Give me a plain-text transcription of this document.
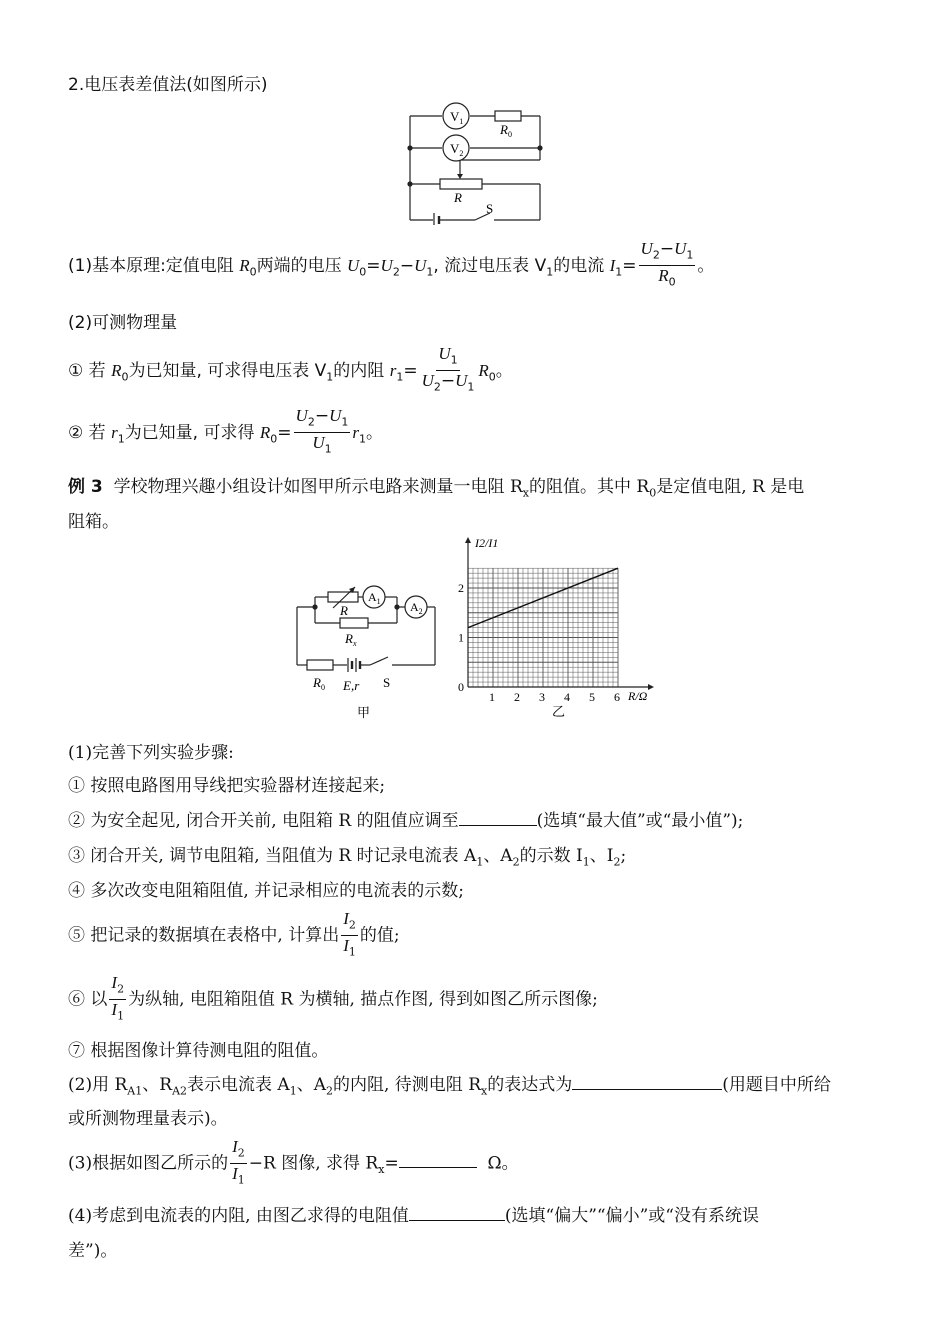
2.电压表差值法(如图所示)
$V_1$
$V_2$
$R_0$
R
S
(1)基本原理:定值电阻 $R_0$两端的电压 $U_0=U_2-U_1$, 流过电压表 $V_1$的电流 $I_1= \frac{U_2-U_1}{R_0}$ 。
(2)可测物理量
① 若 $R_0$为已知量, 可求得电压表 $V_1$的内阻 $r_1= \frac{U_1}{U_2-U_1} R_0$。
② 若 $r_1$为已知量, 可求得 $R_0= \frac{U_2-U_1}{U_1} r_1$。
例 3 学校物理兴趣小组设计如图甲所示电路来测量一电阻 $R_x$的阻值。其中 $R_0$是定值电阻, R 是电
阻箱。
$A_1$ $A_2$
R
$R_x$
$R_0$ E,r S
甲
1 2 3 4 5 6
0
1
2
I2/I1
R/Ω
乙
(1)完善下列实验步骤:
① 按照电路图用导线把实验器材连接起来;
② 为安全起见, 闭合开关前, 电阻箱 R 的阻值应调至	(选填“最大值”或“最小值”);
③ 闭合开关, 调节电阻箱, 当阻值为 R 时记录电流表 $A_1$、$A_2$的示数 $I_1$、$I_2$;
④ 多次改变电阻箱阻值, 并记录相应的电流表的示数;
⑤ 把记录的数据填在表格中, 计算出 $\frac{I_2}{I_1}$ 的值;
⑥ 以 $\frac{I_2}{I_1}$ 为纵轴, 电阻箱阻值 R 为横轴, 描点作图, 得到如图乙所示图像;
⑦ 根据图像计算待测电阻的阻值。
(2)用 $R_{A1}$、$R_{A2}$表示电流表 $A_1$、$A_2$的内阻, 待测电阻 $R_x$的表达式为	(用题目中所给
或所测物理量表示)。
(3)根据如图乙所示的 $\frac{I_2}{I_1} -R$ 图像, 求得 $R_x=$	Ω。
(4)考虑到电流表的内阻, 由图乙求得的电阻值	(选填“偏大”“偏小”或“没有系统误
差”)。
